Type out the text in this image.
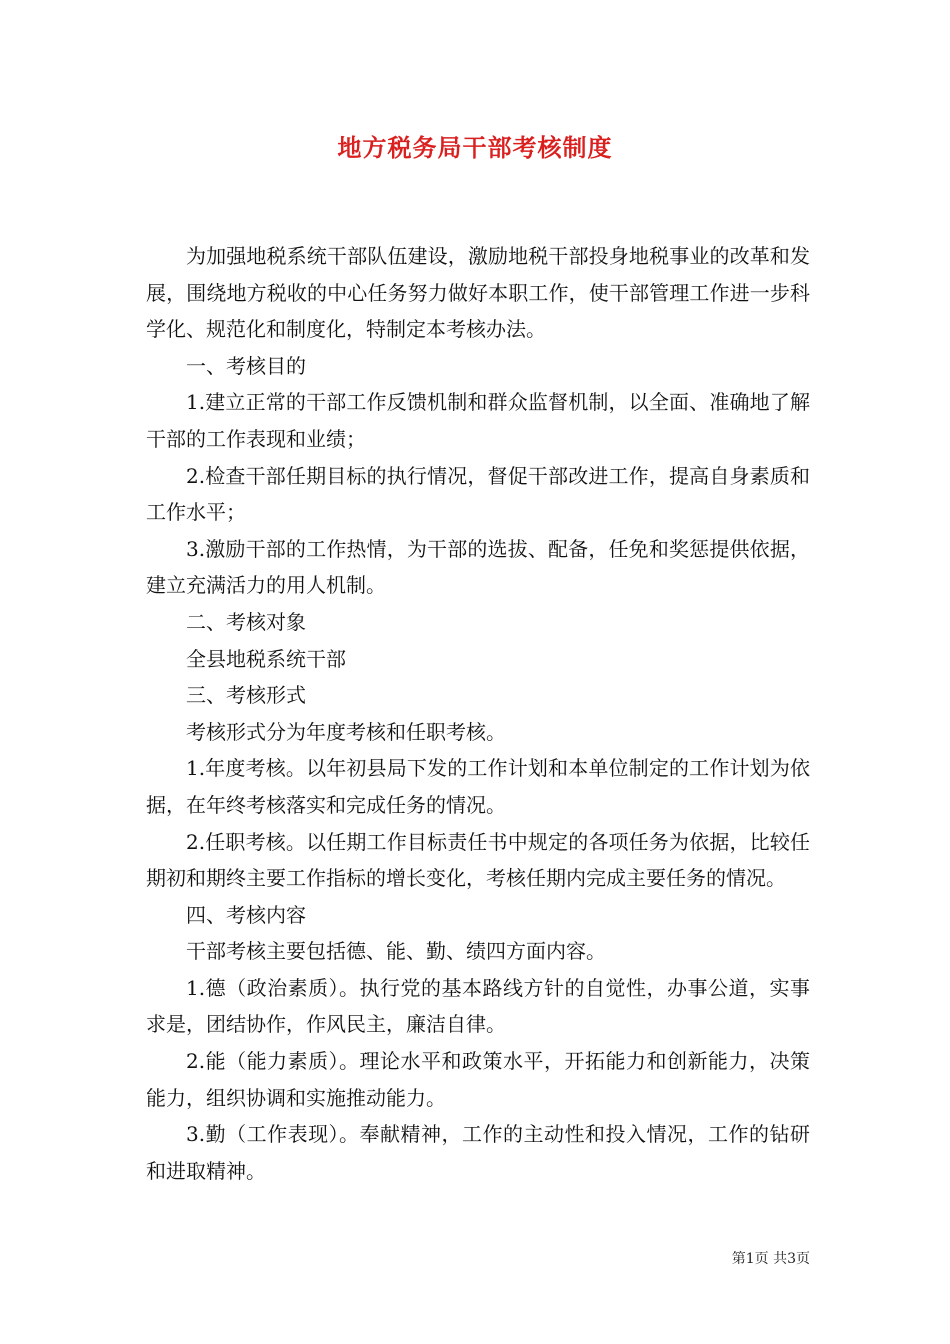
地方税务局干部考核制度

为加强地税系统干部队伍建设，激励地税干部投身地税事业的改革和发展，围绕地方税收的中心任务努力做好本职工作，使干部管理工作进一步科学化、规范化和制度化，特制定本考核办法。

一、考核目的

1.建立正常的干部工作反馈机制和群众监督机制，以全面、准确地了解干部的工作表现和业绩；

2.检查干部任期目标的执行情况，督促干部改进工作，提高自身素质和工作水平；

3.激励干部的工作热情，为干部的选拔、配备，任免和奖惩提供依据，建立充满活力的用人机制。

二、考核对象

全县地税系统干部

三、考核形式

考核形式分为年度考核和任职考核。

1.年度考核。以年初县局下发的工作计划和本单位制定的工作计划为依据，在年终考核落实和完成任务的情况。

2.任职考核。以任期工作目标责任书中规定的各项任务为依据，比较任期初和期终主要工作指标的增长变化，考核任期内完成主要任务的情况。

四、考核内容

干部考核主要包括德、能、勤、绩四方面内容。

1.德（政治素质）。执行党的基本路线方针的自觉性，办事公道，实事求是，团结协作，作风民主，廉洁自律。

2.能（能力素质）。理论水平和政策水平，开拓能力和创新能力，决策能力，组织协调和实施推动能力。

3.勤（工作表现）。奉献精神，工作的主动性和投入情况，工作的钻研和进取精神。

第1页 共3页
